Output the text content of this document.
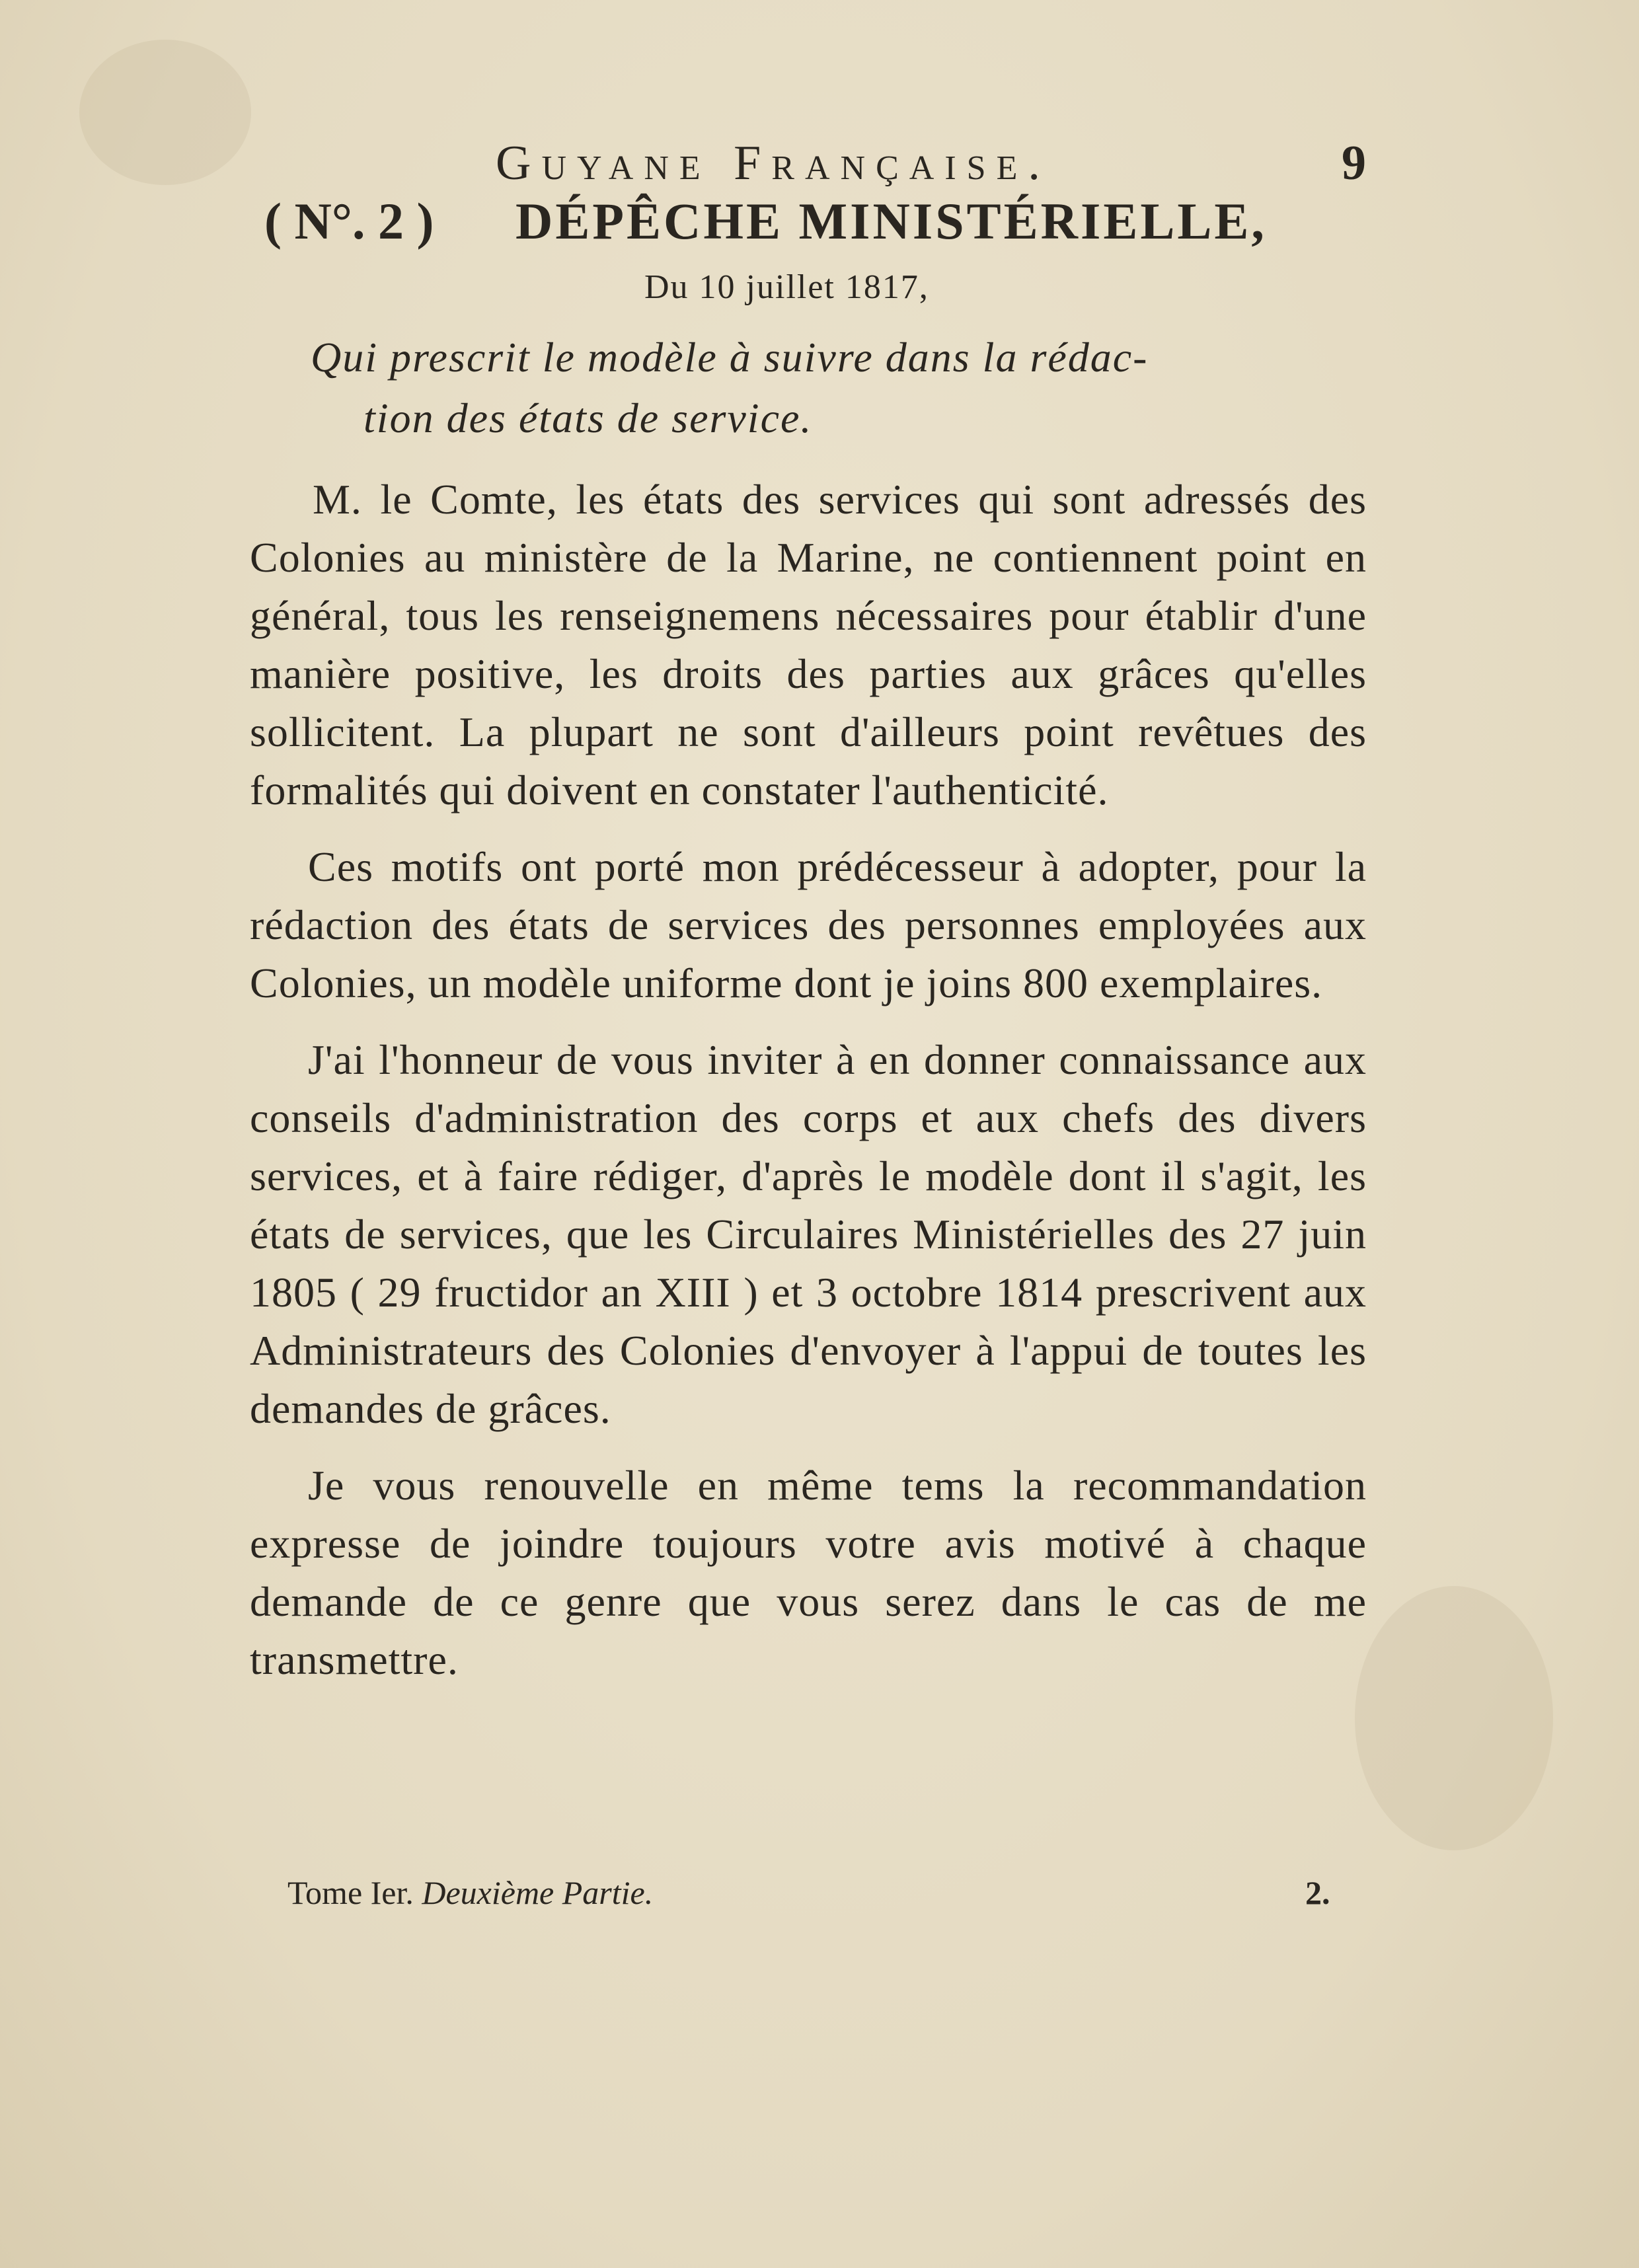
Guyane Française.	9
( N°. 2 ) DÉPÊCHE MINISTÉRIELLE,
Du 10 juillet 1817,
Qui prescrit le modèle à suivre dans la rédac-
tion des états de service.

M. le Comte, les états des services qui sont adressés des Colonies au ministère de la Marine, ne contiennent point en général, tous les renseignemens nécessaires pour établir d'une manière positive, les droits des parties aux grâces qu'elles sollicitent. La plupart ne sont d'ailleurs point revêtues des formalités qui doivent en constater l'authenticité.

Ces motifs ont porté mon prédécesseur à adopter, pour la rédaction des états de services des personnes employées aux Colonies, un modèle uniforme dont je joins 800 exemplaires.

J'ai l'honneur de vous inviter à en donner connaissance aux conseils d'administration des corps et aux chefs des divers services, et à faire rédiger, d'après le modèle dont il s'agit, les états de services, que les Circulaires Ministérielles des 27 juin 1805 ( 29 fructidor an XIII ) et 3 octobre 1814 prescrivent aux Administrateurs des Colonies d'envoyer à l'appui de toutes les demandes de grâces.

Je vous renouvelle en même tems la recommandation expresse de joindre toujours votre avis motivé à chaque demande de ce genre que vous serez dans le cas de me transmettre.

Tome Ier. Deuxième Partie.	2.
